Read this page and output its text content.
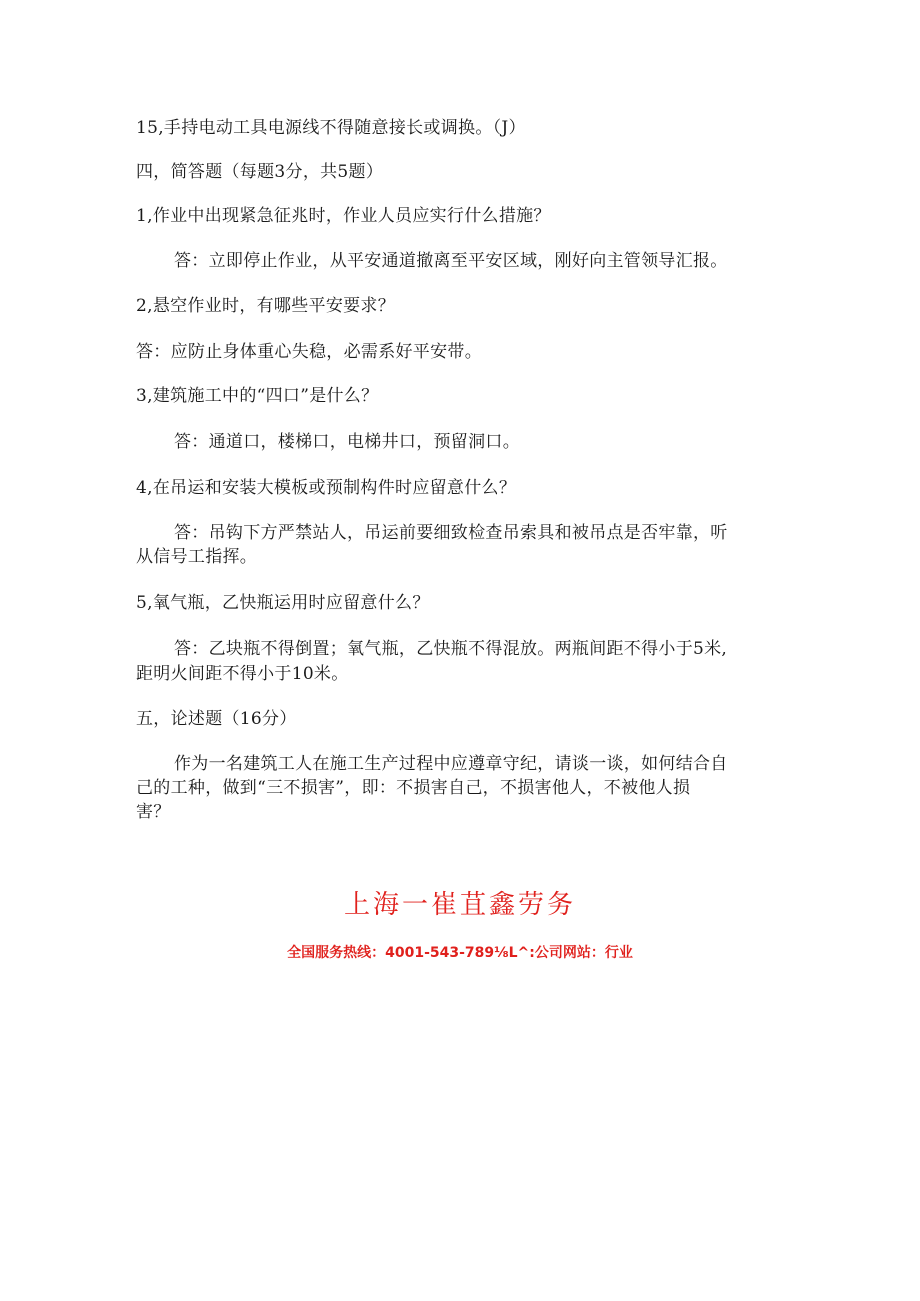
15,手持电动工具电源线不得随意接长或调换。（J）
四，简答题（每题3分，共5题）
1,作业中出现紧急征兆时，作业人员应实行什么措施？
答：立即停止作业，从平安通道撤离至平安区域，刚好向主管领导汇报。
2,悬空作业时，有哪些平安要求？
答：应防止身体重心失稳，必需系好平安带。
3,建筑施工中的“四口”是什么？
答：通道口，楼梯口，电梯井口，预留洞口。
4,在吊运和安装大模板或预制构件时应留意什么？
答：吊钩下方严禁站人，吊运前要细致检查吊索具和被吊点是否牢靠，听
从信号工指挥。
5,氧气瓶，乙快瓶运用时应留意什么？
答：乙块瓶不得倒置；氧气瓶，乙快瓶不得混放。两瓶间距不得小于5米,
距明火间距不得小于10米。
五，论述题（16分）
作为一名建筑工人在施工生产过程中应遵章守纪，请谈一谈，如何结合自
己的工种，做到“三不损害”，即：不损害自己，不损害他人，不被他人损
害？
上海一崔苴鑫劳务
全国服务热线：4001-543-789⅛L^:公司网站：行业
